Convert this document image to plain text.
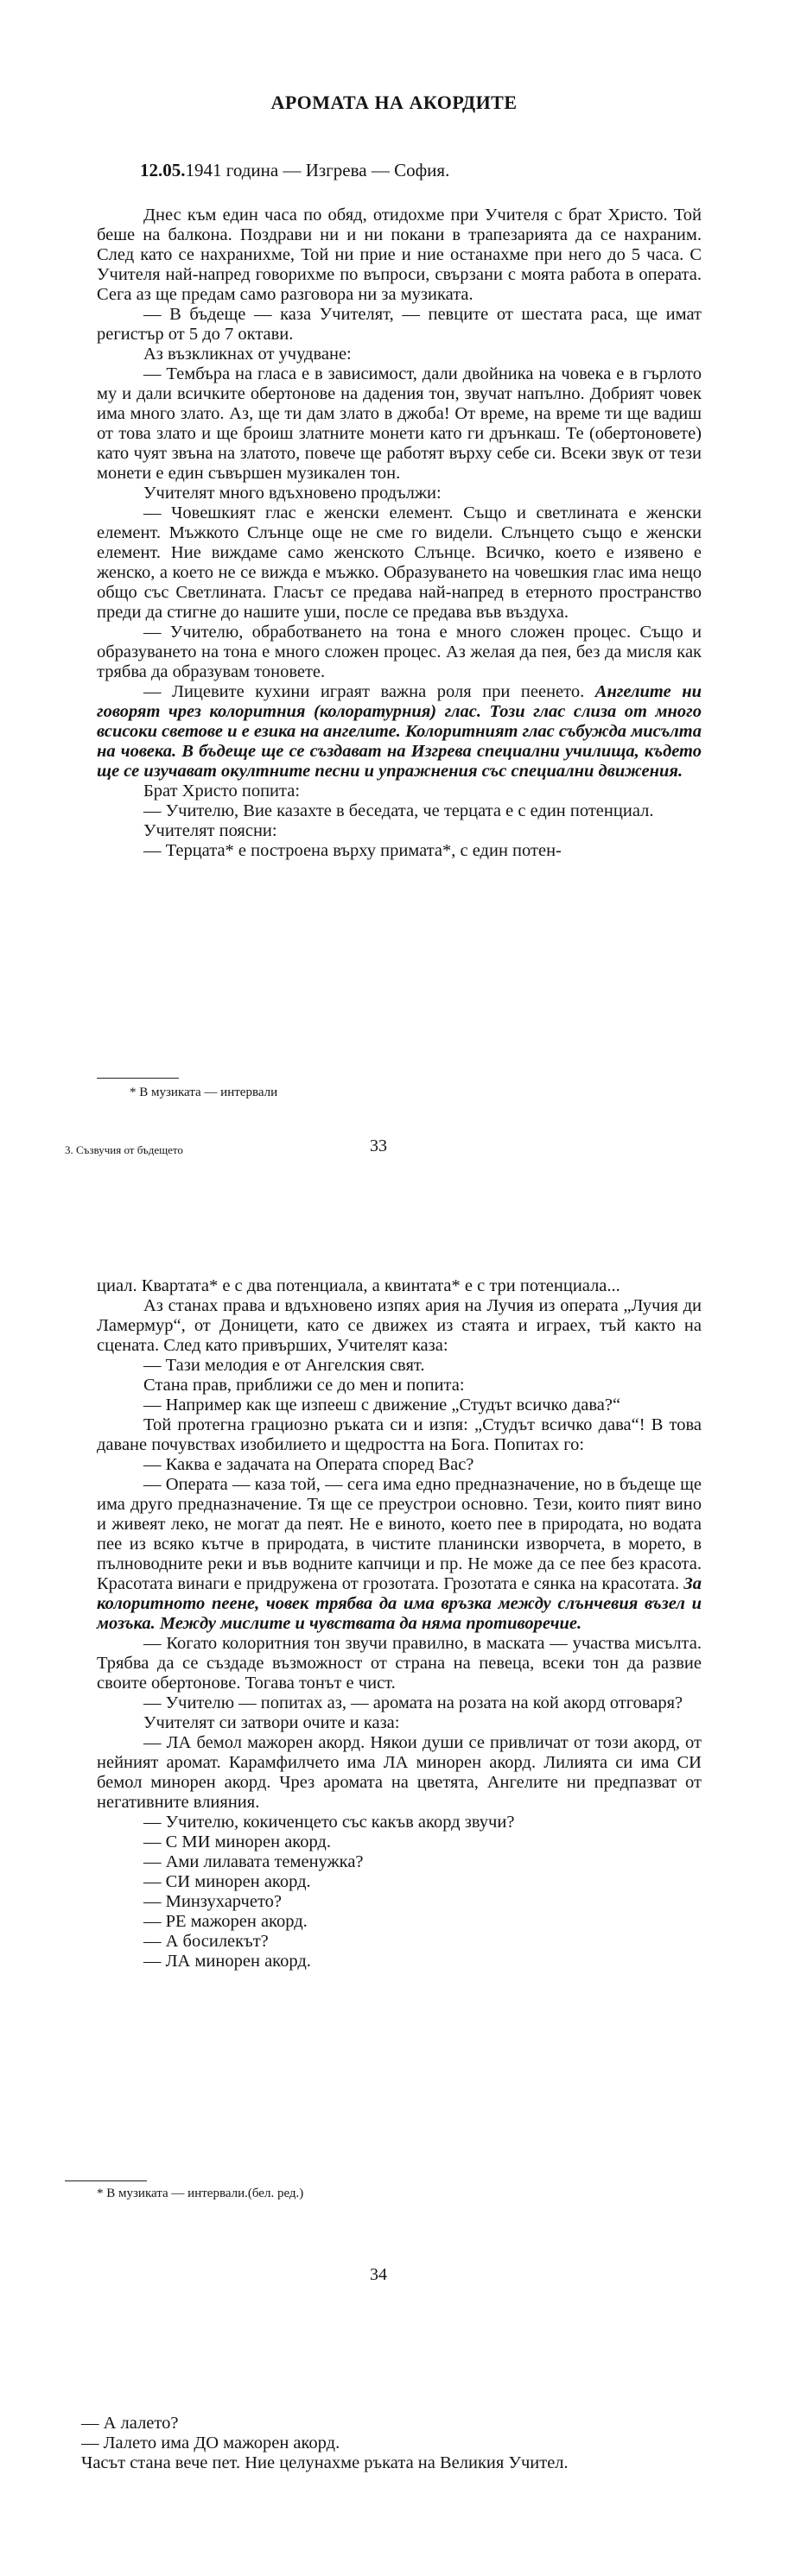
АРОМАТА НА АКОРДИТЕ
12.05.1941 година — Изгрева — София.

Днес към един часа по обяд, отидохме при Учителя с брат Христо. Той беше на балкона. Поздрави ни и ни покани в трапезарията да се нахраним. След като се нахранихме, Той ни прие и ние останахме при него до 5 часа. С Учителя най-напред говорихме по въпроси, свързани с моята работа в операта. Сега аз ще предам само разговора ни за музиката.

— В бъдеще — каза Учителят, — певците от шестата раса, ще имат регистър от 5 до 7 октави.

Аз възкликнах от учудване:

— Тембъра на гласа е в зависимост, дали двойника на човека е в гърлото му и дали всичките обертонове на дадения тон, звучат напълно. Добрият човек има много злато. Аз, ще ти дам злато в джоба! От време, на време ти ще вадиш от това злато и ще броиш златните монети като ги дрънкаш. Те (обертоновете) като чуят звъна на златото, повече ще работят върху себе си. Всеки звук от тези монети е един съвършен музикален тон.

Учителят много вдъхновено продължи:

— Човешкият глас е женски елемент. Също и светлината е женски елемент. Мъжкото Слънце още не сме го видели. Слънцето също е женски елемент. Ние виждаме само женското Слънце. Всичко, което е изявено е женско, а което не се вижда е мъжко. Образуването на човешкия глас има нещо общо със Светлината. Гласът се предава най-напред в етерното пространство преди да стигне до нашите уши, после се предава във въздуха.

— Учителю, обработването на тона е много сложен процес. Също и образуването на тона е много сложен процес. Аз желая да пея, без да мисля как трябва да образувам тоновете.

— Лицевите кухини играят важна роля при пеенето. Ангелите ни говорят чрез колоритния (колоратурния) глас. Този глас слиза от много всисоки светове и е езика на ангелите. Колоритният глас събужда мисълта на човека. В бъдеще ще се създават на Изгрева специални училища, където ще се изучават окултните песни и упражнения със специални движения.

Брат Христо попита:

— Учителю, Вие казахте в беседата, че терцата е с един потенциал.

Учителят поясни:

— Терцата* е построена върху примата*, с един потен-

* В музиката — интервали
3. Съзвучия от бъдещето	33

циал. Квартата* е с два потенциала, а квинтата* е с три потенциала...

Аз станах права и вдъхновено изпях ария на Лучия из операта „Лучия ди Ламермур“, от Доницети, като се движех из стаята и играех, тъй както на сцената. След като привърших, Учителят каза:

— Тази мелодия е от Ангелския свят.

Стана прав, приближи се до мен и попита:

— Например как ще изпееш с движение „Студът всичко дава?“

Той протегна грациозно ръката си и изпя: „Студът всичко дава“! В това даване почувствах изобилието и щедростта на Бога. Попитах го:

— Каква е задачата на Операта според Вас?

— Операта — каза той, — сега има едно предназначение, но в бъдеще ще има друго предназначение. Тя ще се преустрои основно. Тези, които пият вино и живеят леко, не могат да пеят. Не е виното, което пее в природата, но водата пее из всяко кътче в природата, в чистите планински изворчета, в морето, в пълноводните реки и във водните капчици и пр. Не може да се пее без красота. Красотата винаги е придружена от грозотата. Грозотата е сянка на красотата. За колоритното пеене, човек трябва да има връзка между слънчевия възел и мозъка. Между мислите и чувствата да няма противоречие.

— Когато колоритния тон звучи правилно, в маската — участва мисълта. Трябва да се създаде възможност от страна на певеца, всеки тон да развие своите обертонове. Тогава тонът е чист.

— Учителю — попитах аз, — аромата на розата на кой акорд отговаря?

Учителят си затвори очите и каза:

— ЛА бемол мажорен акорд. Някои души се привличат от този акорд, от нейният аромат. Карамфилчето има ЛА минорен акорд. Лилията си има СИ бемол минорен акорд. Чрез аромата на цветята, Ангелите ни предпазват от негативните влияния.

— Учителю, кокиченцето със какъв акорд звучи?

— С МИ минорен акорд.

— Ами лилавата теменужка?

— СИ минорен акорд.

— Минзухарчето?

— РЕ мажорен акорд.

— А босилекът?

— ЛА минорен акорд.

* В музиката — интервали.(бел. ред.)
34

— А лалето?

— Лалето има ДО мажорен акорд.

Часът стана вече пет. Ние целунахме ръката на Великия Учител.
